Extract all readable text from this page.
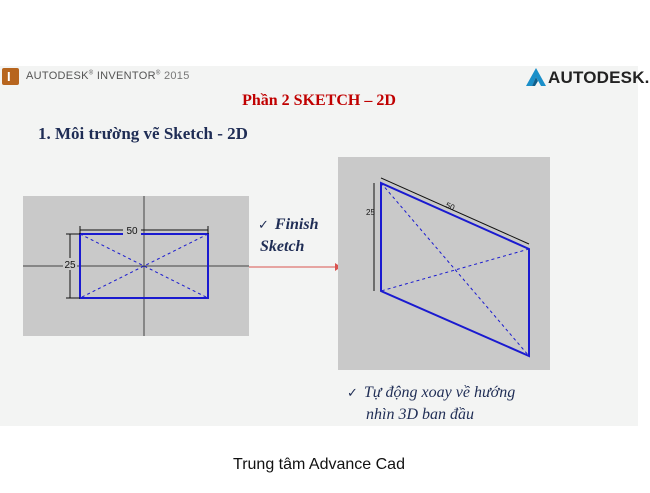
I AUTODESK® INVENTOR® 2015	AUTODESK.
Phần 2 SKETCH – 2D
1. Môi trường vẽ Sketch - 2D
50
25
✓ Finish
Sketch
50
25
✓ Tự động xoay về hướng
nhìn 3D ban đầu
Trung tâm Advance Cad
